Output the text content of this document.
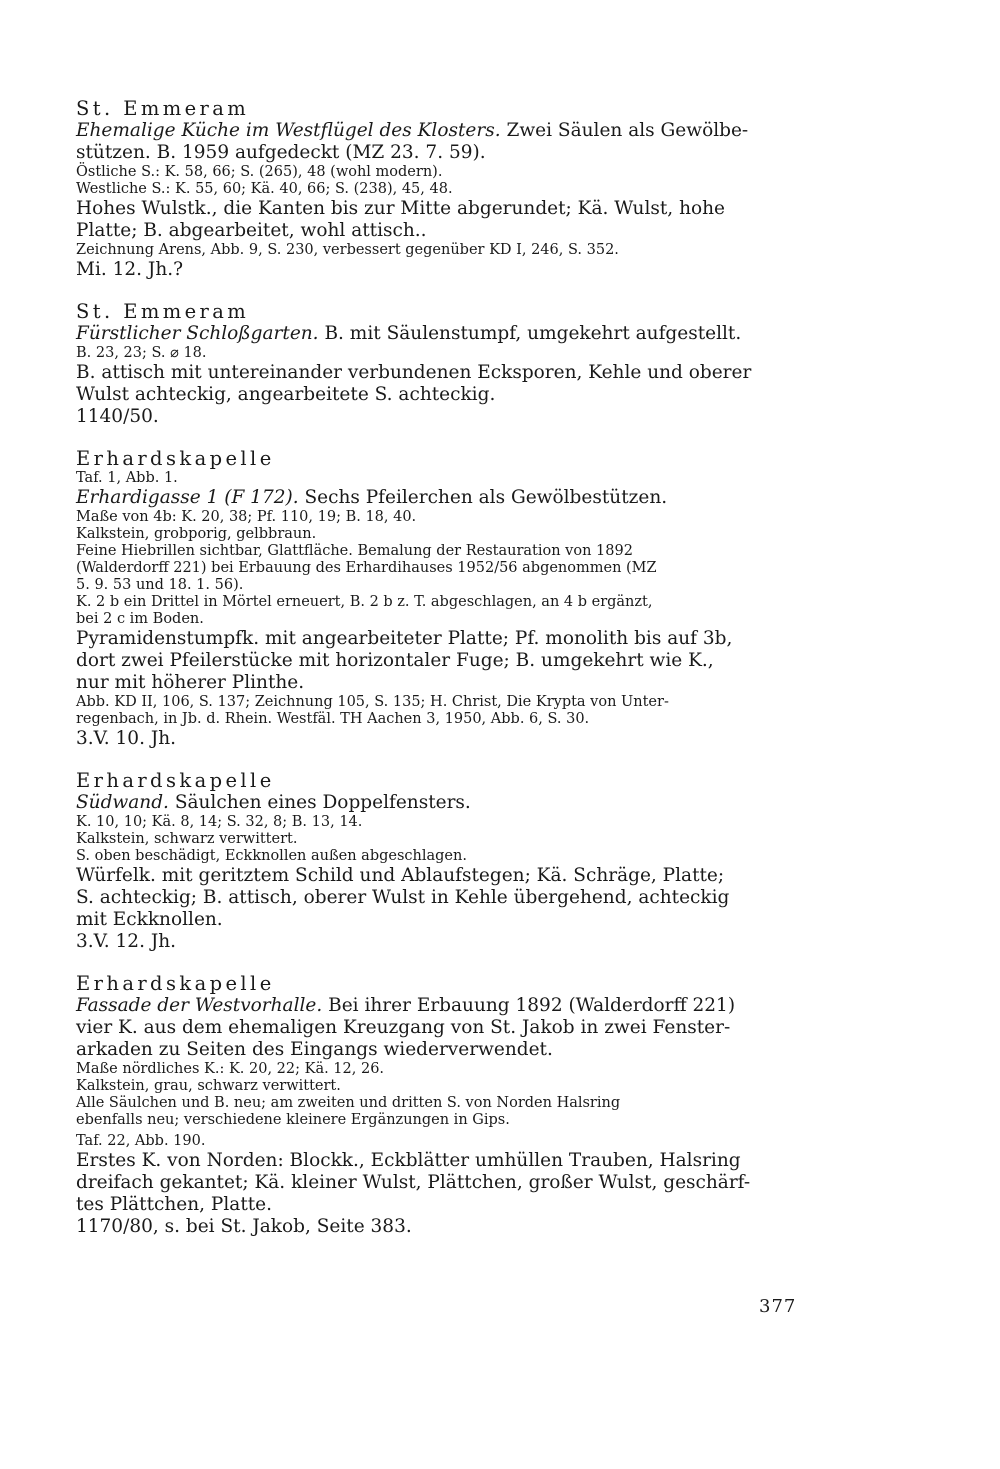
St. Emmeram
Ehemalige Küche im Westflügel des Klosters. Zwei Säulen als Gewölbe-
stützen. B. 1959 aufgedeckt (MZ 23. 7. 59).
Östliche S.: K. 58, 66; S. (265), 48 (wohl modern).
Westliche S.: K. 55, 60; Kä. 40, 66; S. (238), 45, 48.
Hohes Wulstk., die Kanten bis zur Mitte abgerundet; Kä. Wulst, hohe
Platte; B. abgearbeitet, wohl attisch..
Zeichnung Arens, Abb. 9, S. 230, verbessert gegenüber KD I, 246, S. 352.
Mi. 12. Jh.?
St. Emmeram
Fürstlicher Schloßgarten. B. mit Säulenstumpf, umgekehrt aufgestellt.
B. 23, 23; S. ⌀ 18.
B. attisch mit untereinander verbundenen Ecksporen, Kehle und oberer
Wulst achteckig, angearbeitete S. achteckig.
1140/50.
Erhardskapelle
Taf. 1, Abb. 1.
Erhardigasse 1 (F 172). Sechs Pfeilerchen als Gewölbestützen.
Maße von 4b: K. 20, 38; Pf. 110, 19; B. 18, 40.
Kalkstein, grobporig, gelbbraun.
Feine Hiebrillen sichtbar, Glattfläche. Bemalung der Restauration von 1892
(Walderdorff 221) bei Erbauung des Erhardihauses 1952/56 abgenommen (MZ
5. 9. 53 und 18. 1. 56).
K. 2 b ein Drittel in Mörtel erneuert, B. 2 b z. T. abgeschlagen, an 4 b ergänzt,
bei 2 c im Boden.
Pyramidenstumpfk. mit angearbeiteter Platte; Pf. monolith bis auf 3b,
dort zwei Pfeilerstücke mit horizontaler Fuge; B. umgekehrt wie K.,
nur mit höherer Plinthe.
Abb. KD II, 106, S. 137; Zeichnung 105, S. 135; H. Christ, Die Krypta von Unter-
regenbach, in Jb. d. Rhein. Westfäl. TH Aachen 3, 1950, Abb. 6, S. 30.
3.V. 10. Jh.
Erhardskapelle
Südwand. Säulchen eines Doppelfensters.
K. 10, 10; Kä. 8, 14; S. 32, 8; B. 13, 14.
Kalkstein, schwarz verwittert.
S. oben beschädigt, Eckknollen außen abgeschlagen.
Würfelk. mit geritztem Schild und Ablaufstegen; Kä. Schräge, Platte;
S. achteckig; B. attisch, oberer Wulst in Kehle übergehend, achteckig
mit Eckknollen.
3.V. 12. Jh.
Erhardskapelle
Fassade der Westvorhalle. Bei ihrer Erbauung 1892 (Walderdorff 221)
vier K. aus dem ehemaligen Kreuzgang von St. Jakob in zwei Fenster-
arkaden zu Seiten des Eingangs wiederverwendet.
Maße nördliches K.: K. 20, 22; Kä. 12, 26.
Kalkstein, grau, schwarz verwittert.
Alle Säulchen und B. neu; am zweiten und dritten S. von Norden Halsring
ebenfalls neu; verschiedene kleinere Ergänzungen in Gips.
Taf. 22, Abb. 190.
Erstes K. von Norden: Blockk., Eckblätter umhüllen Trauben, Halsring
dreifach gekantet; Kä. kleiner Wulst, Plättchen, großer Wulst, geschärf-
tes Plättchen, Platte.
1170/80, s. bei St. Jakob, Seite 383.
377
